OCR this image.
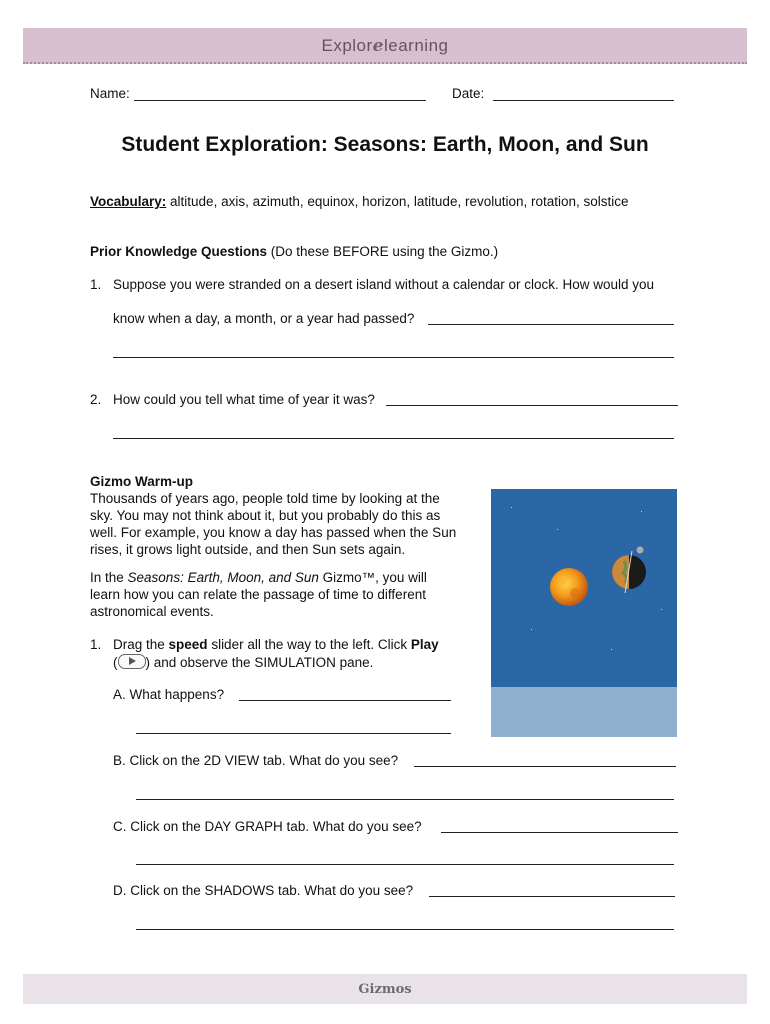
Explorelearning
Name:	Date:
Student Exploration: Seasons: Earth, Moon, and Sun
Vocabulary: altitude, axis, azimuth, equinox, horizon, latitude, revolution, rotation, solstice
Prior Knowledge Questions (Do these BEFORE using the Gizmo.)
1. Suppose you were stranded on a desert island without a calendar or clock. How would you
know when a day, a month, or a year had passed?
2. How could you tell what time of year it was?
Gizmo Warm-up
Thousands of years ago, people told time by looking at the sky. You may not think about it, but you probably do this as well. For example, you know a day has passed when the Sun rises, it grows light outside, and then Sun sets again.
In the Seasons: Earth, Moon, and Sun Gizmo™, you will learn how you can relate the passage of time to different astronomical events.
1. Drag the speed slider all the way to the left. Click Play
( ) and observe the SIMULATION pane.
A. What happens?
B. Click on the 2D VIEW tab. What do you see?
C. Click on the DAY GRAPH tab. What do you see?
D. Click on the SHADOWS tab. What do you see?
Gizmos
